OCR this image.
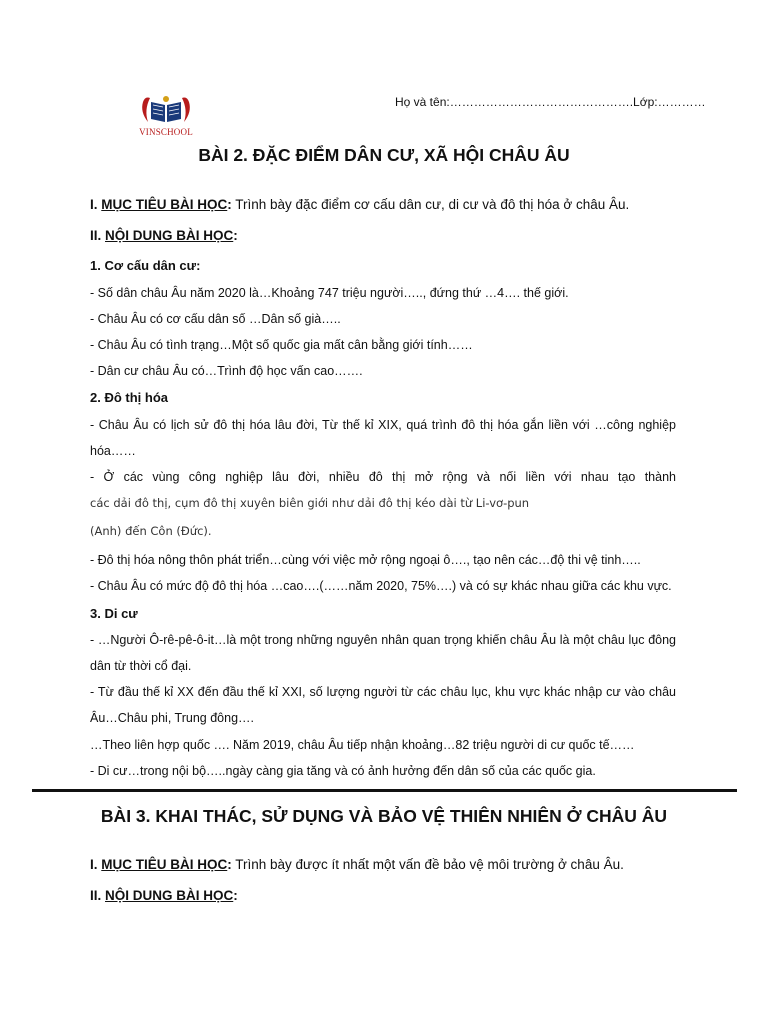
VINSCHOOL
Họ và tên:……………………………………….Lớp:…………
BÀI 2. ĐẶC ĐIỂM DÂN CƯ, XÃ HỘI CHÂU ÂU
I. MỤC TIÊU BÀI HỌC: Trình bày đặc điểm cơ cấu dân cư, di cư và đô thị hóa ở châu Âu.
II. NỘI DUNG BÀI HỌC:
1. Cơ cấu dân cư:
- Số dân châu Âu năm 2020 là…Khoảng 747 triệu người….., đứng thứ …4…. thế giới.
- Châu Âu có cơ cấu dân số …Dân số già…..
- Châu Âu có tình trạng…Một số quốc gia mất cân bằng giới tính……
- Dân cư châu Âu có…Trình độ học vấn cao…….
2. Đô thị hóa
- Châu Âu có lịch sử đô thị hóa lâu đời, Từ thế kỉ XIX, quá trình đô thị hóa gắn liền với …công nghiệp
hóa……
- Ở các vùng công nghiệp lâu đời, nhiều đô thị mở rộng và nối liền với nhau tạo thành
các dải đô thị, cụm đô thị xuyên biên giới như dải đô thị kéo dài từ Li-vơ-pun
(Anh) đến Côn (Đức).
- Đô thị hóa nông thôn phát triển…cùng với việc mở rộng ngoại ô…., tạo nên các…độ thi vệ tinh…..
- Châu Âu có mức độ đô thị hóa …cao….(……năm 2020, 75%….) và có sự khác nhau giữa các khu vực.
3. Di cư
- …Người Ô-rê-pê-ô-it…là một trong những nguyên nhân quan trọng khiến châu Âu là một châu lục đông
dân từ thời cổ đại.
- Từ đầu thế kỉ XX đến đầu thế kỉ XXI, số lượng người từ các châu lục, khu vực khác nhập cư vào châu
Âu…Châu phi, Trung đông….
…Theo liên hợp quốc …. Năm 2019, châu Âu tiếp nhận khoảng…82 triệu người di cư quốc tế……
- Di cư…trong nội bộ…..ngày càng gia tăng và có ảnh hưởng đến dân số của các quốc gia.
BÀI 3. KHAI THÁC, SỬ DỤNG VÀ BẢO VỆ THIÊN NHIÊN Ở CHÂU ÂU
I. MỤC TIÊU BÀI HỌC: Trình bày được ít nhất một vấn đề bảo vệ môi trường ở châu Âu.
II. NỘI DUNG BÀI HỌC:
